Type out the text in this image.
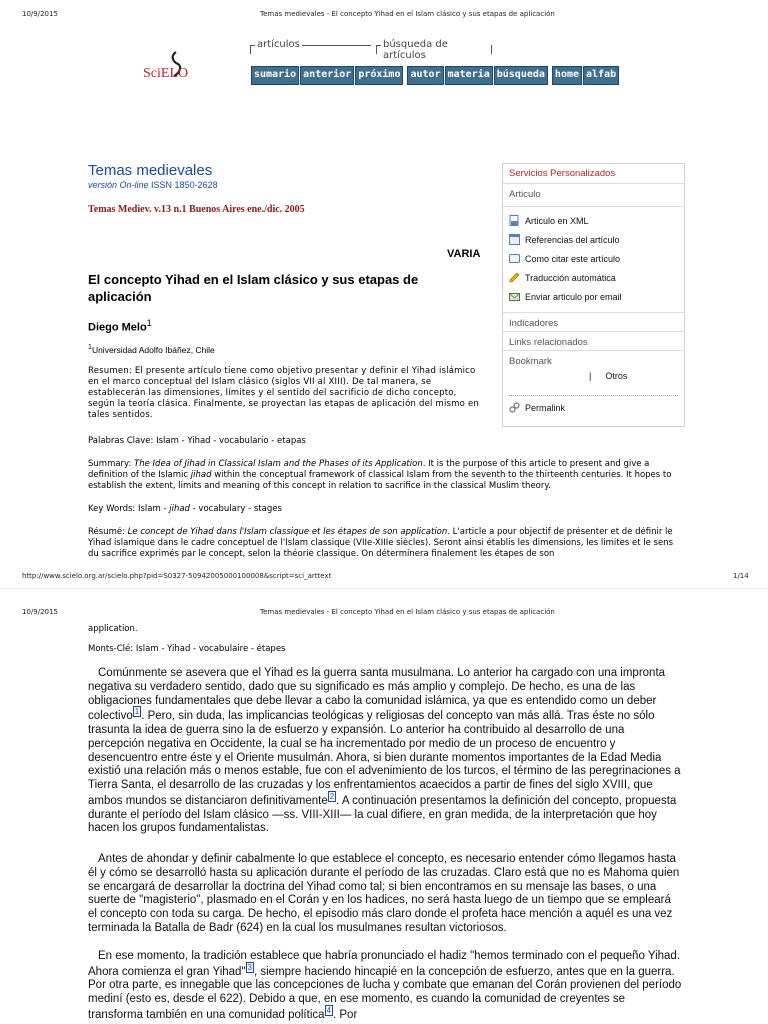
10/9/2015	Temas medievales - El concepto Yihad en el Islam clásico y sus etapas de aplicación
SciELO
artículos	búsqueda de artículos
sumario anterior próximo	autor materia búsqueda	home alfab
Temas medievales
versión On-line ISSN 1850-2628
Temas Mediev. v.13 n.1 Buenos Aires ene./dic. 2005
Servicios Personalizados
Articulo
Articulo en XML
Referencias del artículo
Como citar este artículo
Traducción automática
Enviar articulo por email
Indicadores
Links relacionados
Bookmark
| Otros
Permalink
VARIA
El concepto Yihad en el Islam clásico y sus etapas de aplicación
Diego Melo$^1$
$^1$Universidad Adolfo Ibáñez, Chile
Resumen: El presente artículo tiene como objetivo presentar y definir el Yihad islámico en el marco conceptual del Islam clásico (siglos VII al XIII). De tal manera, se establecerán las dimensiones, límites y el sentido del sacrificio de dicho concepto, según la teoría clásica. Finalmente, se proyectan las etapas de aplicación del mismo en tales sentidos.
Palabras Clave: Islam - Yihad - vocabulario - etapas
Summary: The Idea of Jihad in Classical Islam and the Phases of its Application. It is the purpose of this article to present and give a definition of the Islamic jihad within the conceptual framework of classical Islam from the seventh to the thirteenth centuries. It hopes to establish the extent, limits and meaning of this concept in relation to sacrifice in the classical Muslim theory.
Key Words: Islam - jihad - vocabulary - stages
Résumé: Le concept de Yihad dans l'Islam classique et les étapes de son application. L'article a pour objectif de présenter et de définir le Yihad islamique dans le cadre conceptuel de l'Islam classique (VIIe-XIIIe siècles). Seront ainsi établis les dimensions, les limites et le sens du sacrifice exprimés par le concept, selon la théorie classique. On déterminera finalement les étapes de son
http://www.scielo.org.ar/scielo.php?pid=S0327-50942005000100008&script=sci_arttext	1/14
10/9/2015	Temas medievales - El concepto Yihad en el Islam clásico y sus etapas de aplicación
application.
Monts-Clé: Islam - Yihad - vocabulaire - étapes
Comúnmente se asevera que el Yihad es la guerra santa musulmana. Lo anterior ha cargado con una impronta negativa su verdadero sentido, dado que su significado es más amplio y complejo. De hecho, es una de las obligaciones fundamentales que debe llevar a cabo la comunidad islámica, ya que es entendido como un deber colectivo $^1$ . Pero, sin duda, las implicancias teológicas y religiosas del concepto van más allá. Tras éste no sólo trasunta la idea de guerra sino la de esfuerzo y expansión. Lo anterior ha contribuido al desarrollo de una percepción negativa en Occidente, la cual se ha incrementado por medio de un proceso de encuentro y desencuentro entre éste y el Oriente musulmán. Ahora, si bien durante momentos importantes de la Edad Media existió una relación más o menos estable, fue con el advenimiento de los turcos, el término de las peregrinaciones a Tierra Santa, el desarrollo de las cruzadas y los enfrentamientos acaecidos a partir de fines del siglo XVIII, que ambos mundos se distanciaron definitivamente $^2$ . A continuación presentamos la definición del concepto, propuesta durante el período del Islam clásico —ss. VIII-XIII— la cual difiere, en gran medida, de la interpretación que hoy hacen los grupos fundamentalistas.
Antes de ahondar y definir cabalmente lo que establece el concepto, es necesario entender cómo llegamos hasta él y cómo se desarrolló hasta su aplicación durante el período de las cruzadas. Claro está que no es Mahoma quien se encargará de desarrollar la doctrina del Yihad como tal; si bien encontramos en su mensaje las bases, o una suerte de "magisterio", plasmado en el Corán y en los hadices, no será hasta luego de un tiempo que se empleará el concepto con toda su carga. De hecho, el episodio más claro donde el profeta hace mención a aquél es una vez terminada la Batalla de Badr (624) en la cual los musulmanes resultan victoriosos.
En ese momento, la tradición establece que habría pronunciado el hadiz "hemos terminado con el pequeño Yihad. Ahora comienza el gran Yihad" $^3$ , siempre haciendo hincapié en la concepción de esfuerzo, antes que en la guerra. Por otra parte, es innegable que las concepciones de lucha y combate que emanan del Corán provienen del período mediní (esto es, desde el 622). Debido a que, en ese momento, es cuando la comunidad de creyentes se transforma también en una comunidad política $^4$ . Por
